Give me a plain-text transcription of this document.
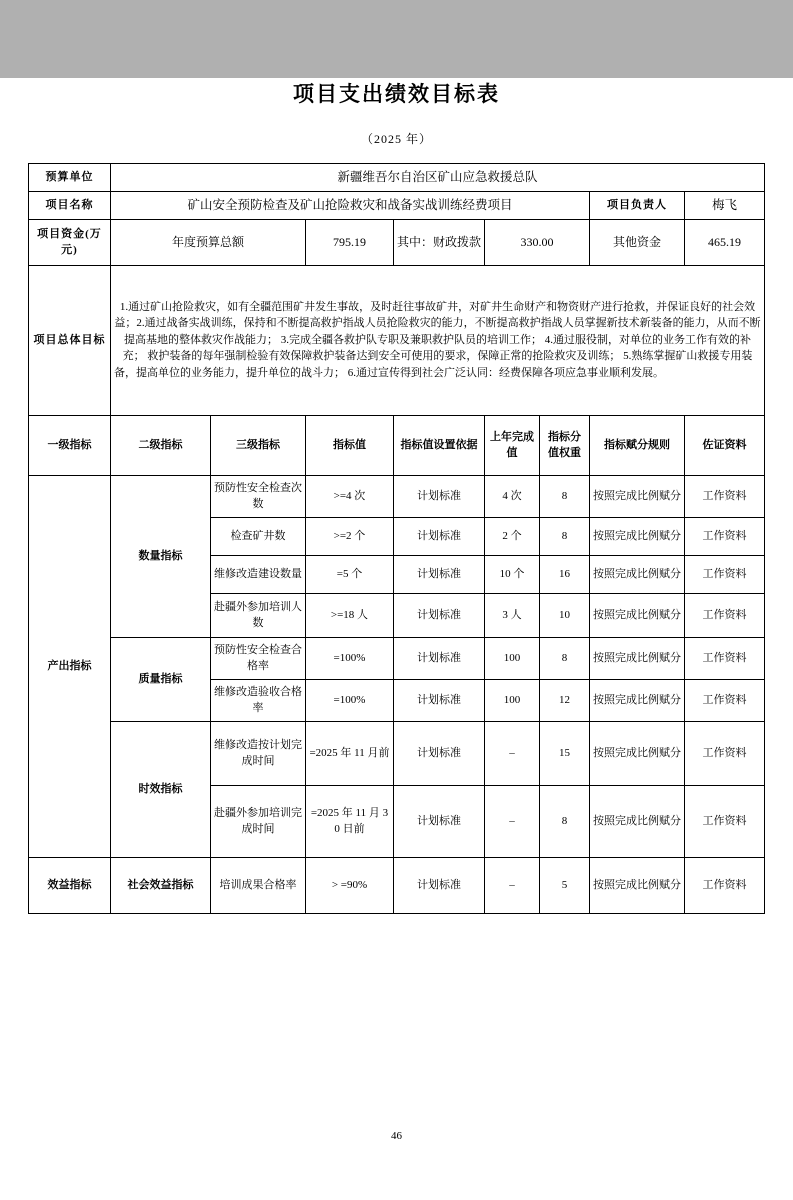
项目支出绩效目标表
（2025 年）
预算单位	新疆维吾尔自治区矿山应急救援总队							
项目名称	矿山安全预防检查及矿山抢险救灾和战备实战训练经费项目						项目负责人	梅飞
项目资金(万元)	年度预算总额		795.19	其中：财政拨款	330.00		其他资金	465.19
项目总体目标	1.通过矿山抢险救灾，如有全疆范围矿井发生事故，及时赶往事故矿井，对矿井生命财产和物资财产进行抢救，并保证良好的社会效益；2.通过战备实战训练，保持和不断提高救护指战人员抢险救灾的能力，不断提高救护指战人员掌握新技术新装备的能力，从而不断提高基地的整体救灾作战能力； 3.完成全疆各救护队专职及兼职救护队员的培训工作； 4.通过服役制，对单位的业务工作有效的补充； 救护装备的每年强制检验有效保障救护装备达到安全可使用的要求，保障正常的抢险救灾及训练； 5.熟练掌握矿山救援专用装备，提高单位的业务能力，提升单位的战斗力； 6.通过宣传得到社会广泛认同：经费保障各项应急事业顺利发展。							
一级指标	二级指标	三级指标	指标值	指标值设置依据	上年完成值	指标分值权重	指标赋分规则	佐证资料
产出指标	数量指标	预防性安全检查次数	>=4 次	计划标准	4 次	8	按照完成比例赋分	工作资料
		检查矿井数	>=2 个	计划标准	2 个	8	按照完成比例赋分	工作资料
		维修改造建设数量	=5 个	计划标准	10 个	16	按照完成比例赋分	工作资料
		赴疆外参加培训人数	>=18 人	计划标准	3 人	10	按照完成比例赋分	工作资料
	质量指标	预防性安全检查合格率	=100%	计划标准	100	8	按照完成比例赋分	工作资料
		维修改造验收合格率	=100%	计划标准	100	12	按照完成比例赋分	工作资料
	时效指标	维修改造按计划完成时间	=2025 年 11 月前	计划标准	–	15	按照完成比例赋分	工作资料
		赴疆外参加培训完成时间	=2025 年 11 月 30 日前	计划标准	–	8	按照完成比例赋分	工作资料
效益指标	社会效益指标	培训成果合格率	> =90%	计划标准	–	5	按照完成比例赋分	工作资料
46
